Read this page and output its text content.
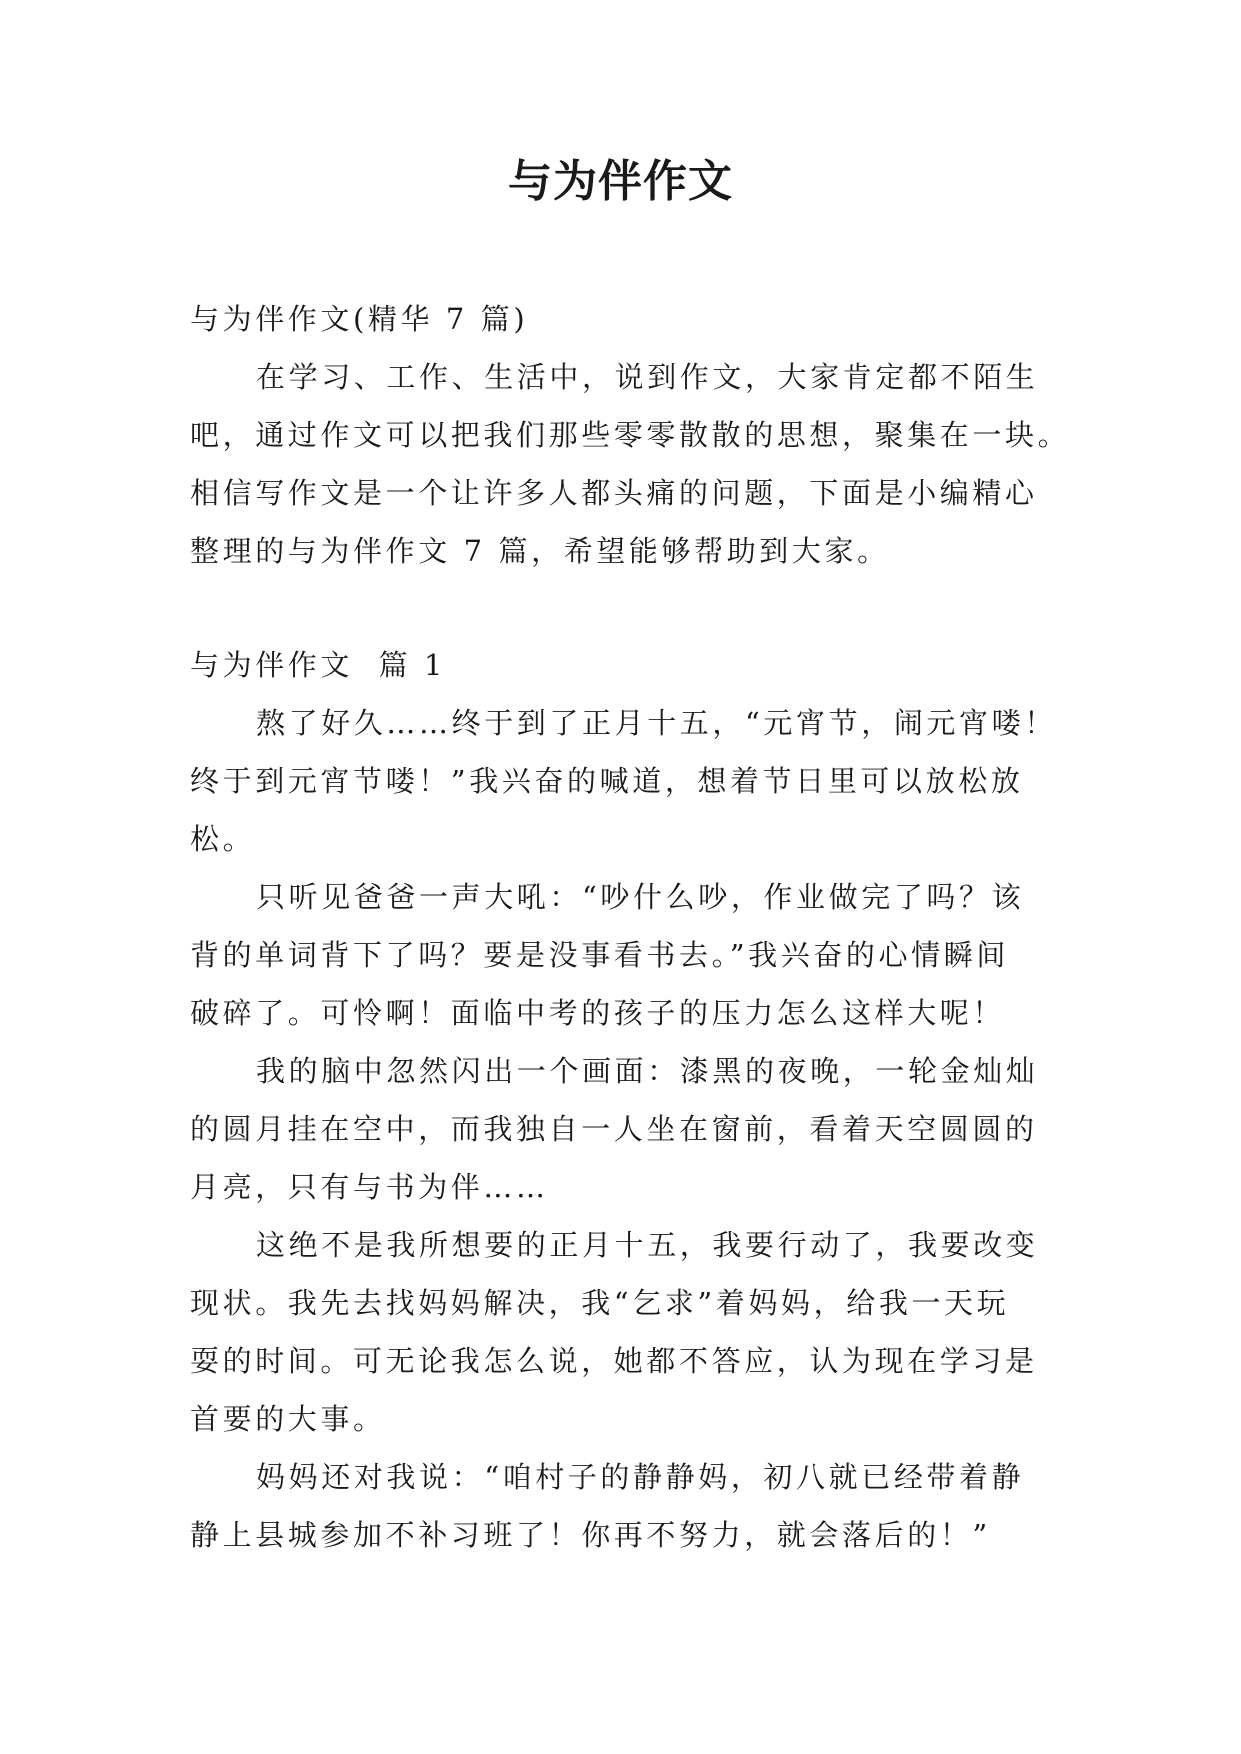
与为伴作文
与为伴作文(精华 7 篇)
在学习、工作、生活中，说到作文，大家肯定都不陌生
吧，通过作文可以把我们那些零零散散的思想，聚集在一块。
相信写作文是一个让许多人都头痛的问题，下面是小编精心
整理的与为伴作文 7 篇，希望能够帮助到大家。
与为伴作文  篇 1
熬了好久……终于到了正月十五，“元宵节，闹元宵喽！
终于到元宵节喽！”我兴奋的喊道，想着节日里可以放松放
松。
只听见爸爸一声大吼：“吵什么吵，作业做完了吗？该
背的单词背下了吗？要是没事看书去。”我兴奋的心情瞬间
破碎了。可怜啊！面临中考的孩子的压力怎么这样大呢！
我的脑中忽然闪出一个画面：漆黑的夜晚，一轮金灿灿
的圆月挂在空中，而我独自一人坐在窗前，看着天空圆圆的
月亮，只有与书为伴……
这绝不是我所想要的正月十五，我要行动了，我要改变
现状。我先去找妈妈解决，我“乞求”着妈妈，给我一天玩
耍的时间。可无论我怎么说，她都不答应，认为现在学习是
首要的大事。
妈妈还对我说：“咱村子的静静妈，初八就已经带着静
静上县城参加不补习班了！你再不努力，就会落后的！”
